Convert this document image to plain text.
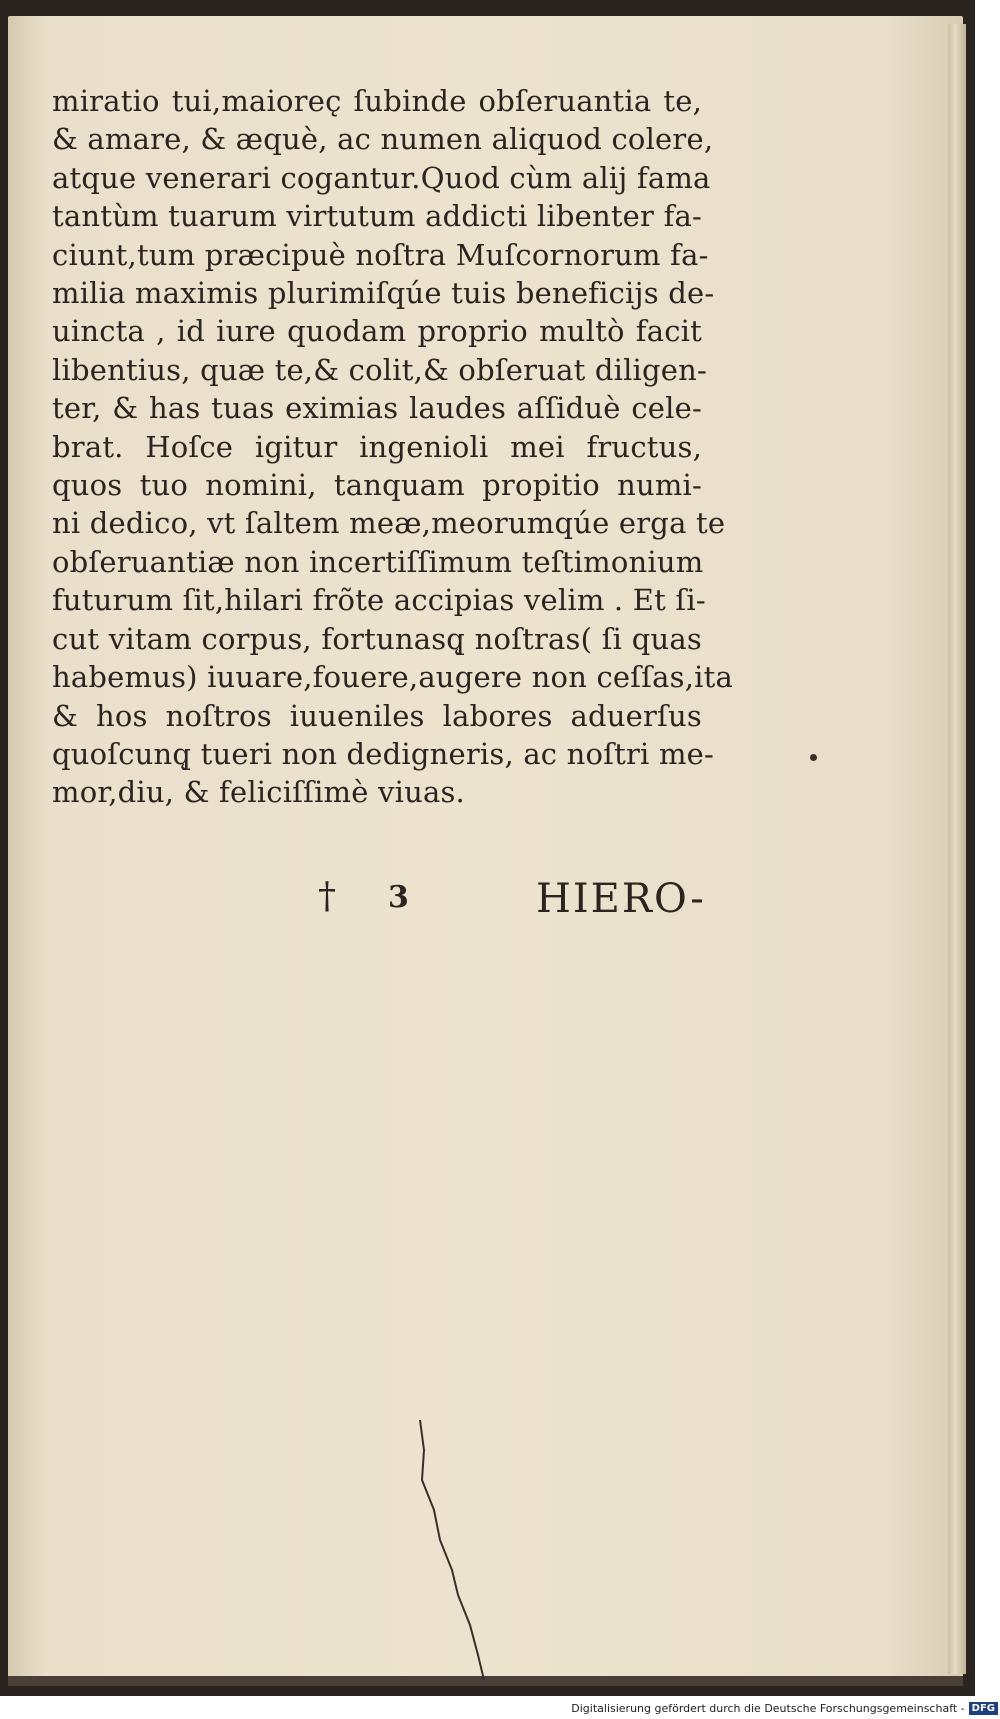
miratio tui,maiorec̨ ſubinde obſeruantia te,
& amare, & æquè, ac numen aliquod colere,
atque venerari cogantur.Quod cùm alij fama
tantùm tuarum virtutum addicti libenter fa-
ciunt,tum præcipuè noſtra Muſcornorum fa-
milia maximis plurimiſqúe tuis beneficijs de-
uincta , id iure quodam proprio multò facit
libentius, quæ te,& colit,& obſeruat diligen-
ter, & has tuas eximias laudes aſſiduè cele-
brat. Hoſce igitur ingenioli mei fructus,
quos tuo nomini, tanquam propitio numi-
ni dedico, vt ſaltem meæ,meorumqúe erga te
obſeruantiæ non incertiſſimum teſtimonium
futurum ſit,hilari frõte accipias velim . Et ſi-
cut vitam corpus, fortunasq̨ noſtras( ſi quas
habemus) iuuare,fouere,augere non ceſſas,ita
& hos noſtros iuueniles labores aduerſus
quoſcunq̨ tueri non dedigneris, ac noſtri me-
mor,diu, & feliciſſimè viuas.
† 3	HIERO-
Digitalisierung gefördert durch die Deutsche Forschungsgemeinschaft - DFG
